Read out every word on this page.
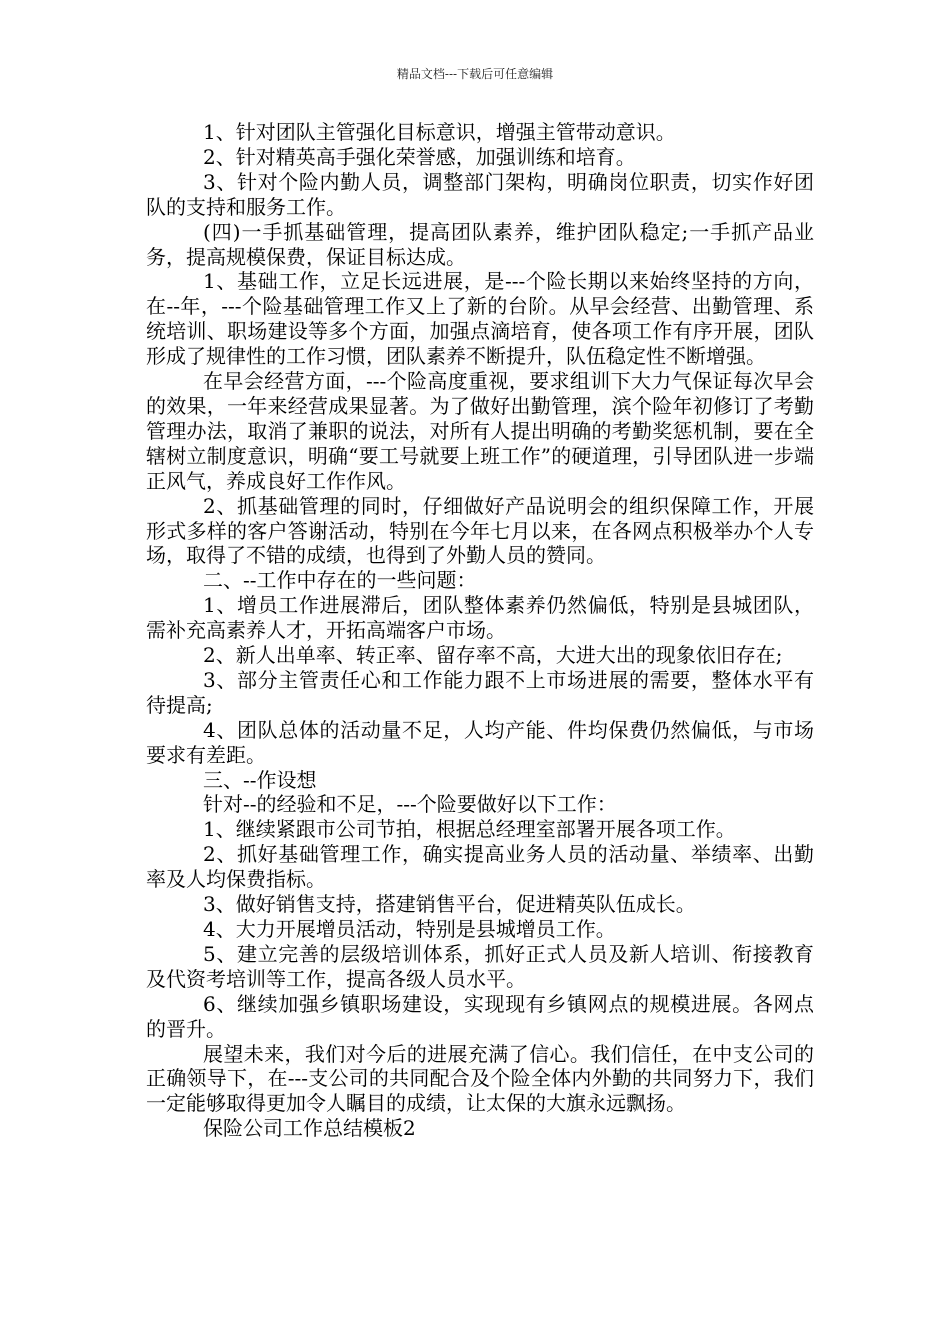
精品文档---下载后可任意编辑

1、针对团队主管强化目标意识，增强主管带动意识。

2、针对精英高手强化荣誉感，加强训练和培育。

3、针对个险内勤人员，调整部门架构，明确岗位职责，切实作好团队的支持和服务工作。

(四)一手抓基础管理，提高团队素养，维护团队稳定;一手抓产品业务，提高规模保费，保证目标达成。

1、基础工作，立足长远进展，是---个险长期以来始终坚持的方向，在--年，---个险基础管理工作又上了新的台阶。从早会经营、出勤管理、系统培训、职场建设等多个方面，加强点滴培育，使各项工作有序开展，团队形成了规律性的工作习惯，团队素养不断提升，队伍稳定性不断增强。

在早会经营方面，---个险高度重视，要求组训下大力气保证每次早会的效果，一年来经营成果显著。为了做好出勤管理，滨个险年初修订了考勤管理办法，取消了兼职的说法，对所有人提出明确的考勤奖惩机制，要在全辖树立制度意识，明确“要工号就要上班工作”的硬道理，引导团队进一步端正风气，养成良好工作作风。

2、抓基础管理的同时，仔细做好产品说明会的组织保障工作，开展形式多样的客户答谢活动，特别在今年七月以来，在各网点积极举办个人专场，取得了不错的成绩，也得到了外勤人员的赞同。

二、--工作中存在的一些问题：

1、增员工作进展滞后，团队整体素养仍然偏低，特别是县城团队，需补充高素养人才，开拓高端客户市场。

2、新人出单率、转正率、留存率不高，大进大出的现象依旧存在;

3、部分主管责任心和工作能力跟不上市场进展的需要，整体水平有待提高;

4、团队总体的活动量不足，人均产能、件均保费仍然偏低，与市场要求有差距。

三、--作设想

针对--的经验和不足，---个险要做好以下工作：

1、继续紧跟市公司节拍，根据总经理室部署开展各项工作。

2、抓好基础管理工作，确实提高业务人员的活动量、举绩率、出勤率及人均保费指标。

3、做好销售支持，搭建销售平台，促进精英队伍成长。

4、大力开展增员活动，特别是县城增员工作。

5、建立完善的层级培训体系，抓好正式人员及新人培训、衔接教育及代资考培训等工作，提高各级人员水平。

6、继续加强乡镇职场建设，实现现有乡镇网点的规模进展。各网点的晋升。

展望未来，我们对今后的进展充满了信心。我们信任，在中支公司的正确领导下，在---支公司的共同配合及个险全体内外勤的共同努力下，我们一定能够取得更加令人瞩目的成绩，让太保的大旗永远飘扬。

保险公司工作总结模板2
